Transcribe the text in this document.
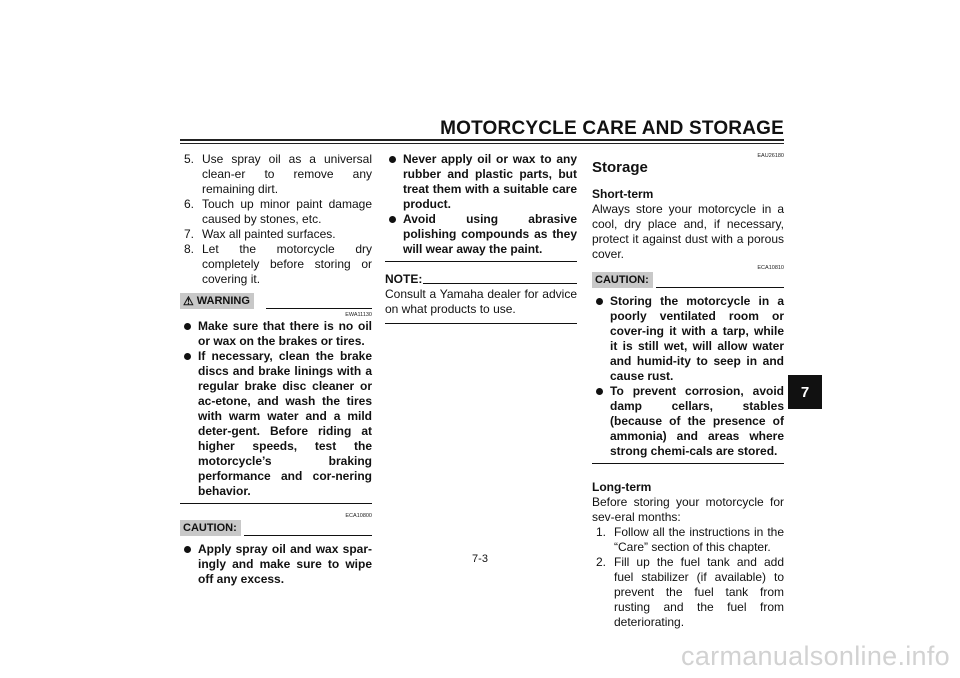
MOTORCYCLE CARE AND STORAGE
5. Use spray oil as a universal clean-er to remove any remaining dirt.
6. Touch up minor paint damage caused by stones, etc.
7. Wax all painted surfaces.
8. Let the motorcycle dry completely before storing or covering it.
⚠ WARNING
EWA11130
Make sure that there is no oil or wax on the brakes or tires.
If necessary, clean the brake discs and brake linings with a regular brake disc cleaner or ac-etone, and wash the tires with warm water and a mild deter-gent. Before riding at higher speeds, test the motorcycle’s braking performance and cor-nering behavior.
ECA10800
CAUTION:
Apply spray oil and wax spar-ingly and make sure to wipe off any excess.
Never apply oil or wax to any rubber and plastic parts, but treat them with a suitable care product.
Avoid using abrasive polishing compounds as they will wear away the paint.
NOTE:
Consult a Yamaha dealer for advice on what products to use.
EAU26180
Storage
Short-term
Always store your motorcycle in a cool, dry place and, if necessary, protect it against dust with a porous cover.
ECA10810
CAUTION:
Storing the motorcycle in a poorly ventilated room or cover-ing it with a tarp, while it is still wet, will allow water and humid-ity to seep in and cause rust.
To prevent corrosion, avoid damp cellars, stables (because of the presence of ammonia) and areas where strong chemi-cals are stored.
Long-term
Before storing your motorcycle for sev-eral months:
1. Follow all the instructions in the “Care” section of this chapter.
2. Fill up the fuel tank and add fuel stabilizer (if available) to prevent the fuel tank from rusting and the fuel from deteriorating.
7
7-3
carmanualsonline.info
